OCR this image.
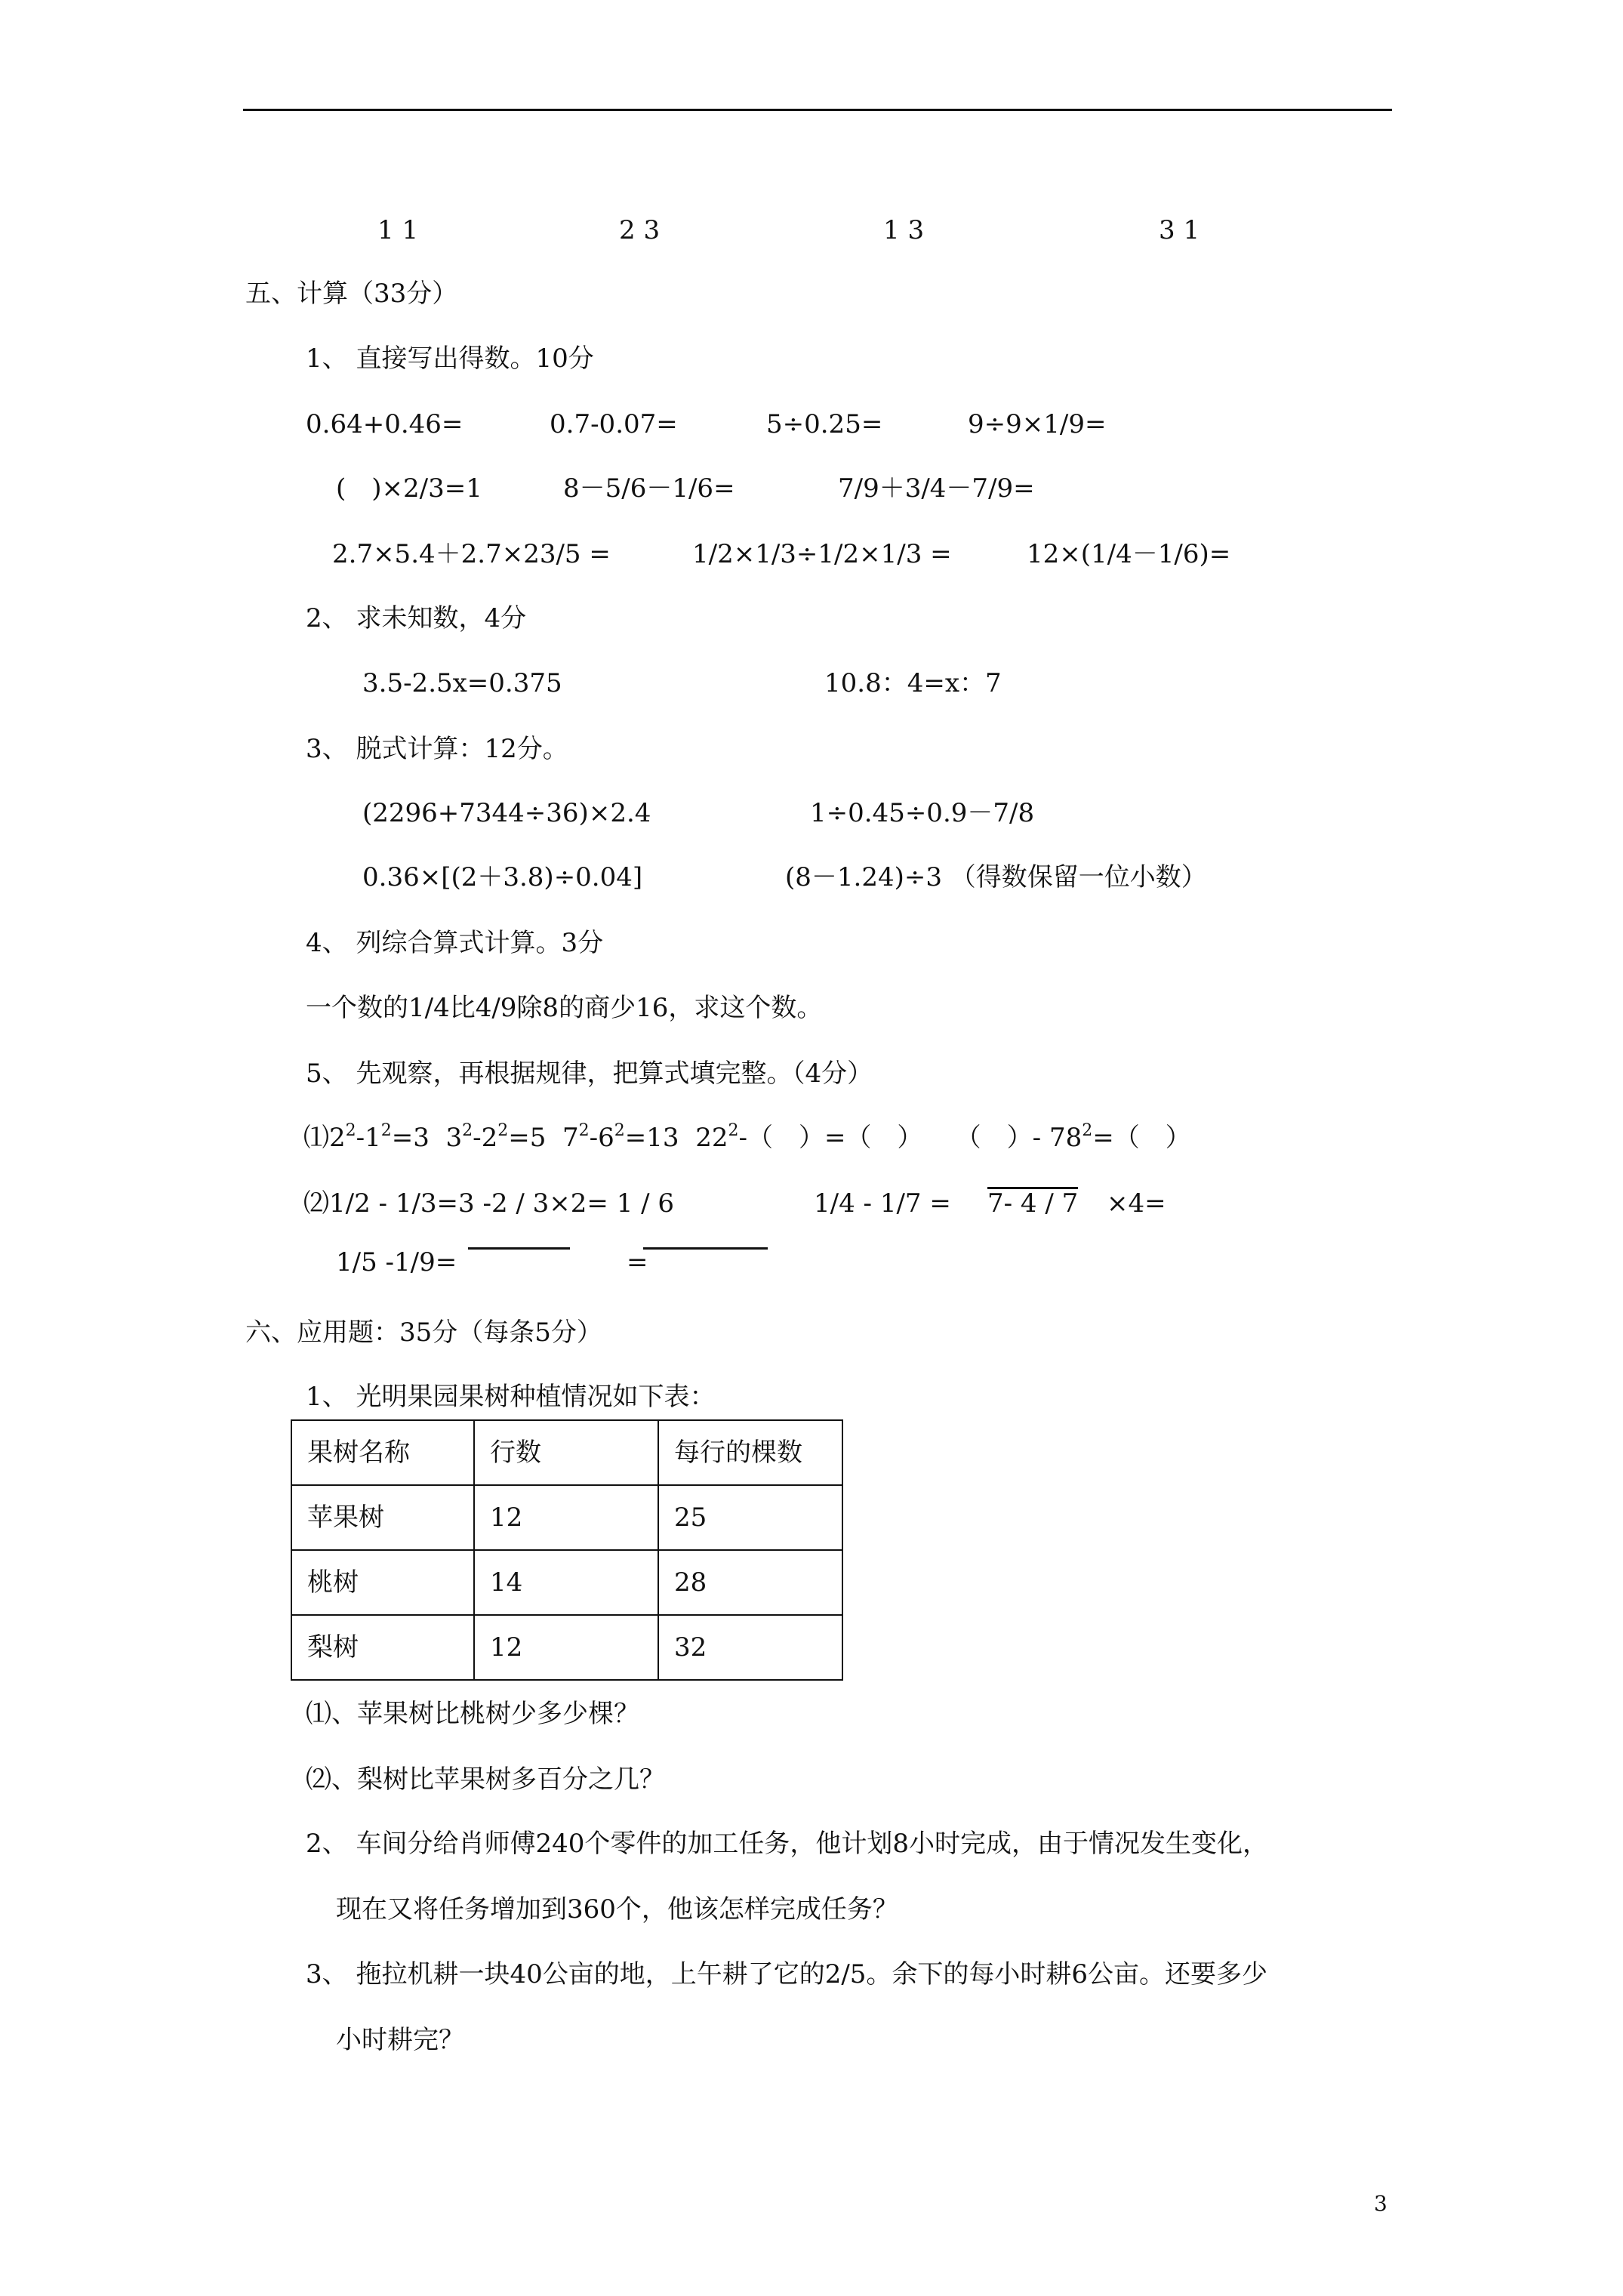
1 1	2 3	1 3	3 1
五、计算（33分）
1、 直接写出得数。10分
0.64+0.46=	0.7-0.07=	5÷0.25=	9÷9×1/9=
(　)×2/3=1	8－5/6－1/6=	7/9＋3/4－7/9=
2.7×5.4＋2.7×23/5 =	1/2×1/3÷1/2×1/3 =	12×(1/4－1/6)=
2、 求未知数，4分
3.5-2.5x=0.375	10.8：4=x：7
3、 脱式计算：12分。
(2296+7344÷36)×2.4	1÷0.45÷0.9－7/8
0.36×[(2＋3.8)÷0.04]	(8－1.24)÷3 （得数保留一位小数）
4、 列综合算式计算。3分
一个数的1/4比4/9除8的商少16，求这个数。
5、 先观察，再根据规律，把算式填完整。（4分）
$⑴2^2-1^2=3$ $3^2-2^2=5$ $7^2-6^2=13$ $22^2-$（　）=（　） （　）- $78^2=$（　）
⑵1/2 - 1/3=3 -2 / 3×2= 1 / 6	1/4 - 1/7 = 7- 4 / 7 ×4=
1/5 -1/9=	=
六、应用题：35分（每条5分）
1、 光明果园果树种植情况如下表：
果树名称	行数	每行的棵数
苹果树	12	25
桃树	14	28
梨树	12	32
⑴、苹果树比桃树少多少棵？
⑵、梨树比苹果树多百分之几？
2、 车间分给肖师傅240个零件的加工任务，他计划8小时完成，由于情况发生变化，
现在又将任务增加到360个，他该怎样完成任务？
3、 拖拉机耕一块40公亩的地，上午耕了它的2/5。余下的每小时耕6公亩。还要多少
小时耕完？
3
